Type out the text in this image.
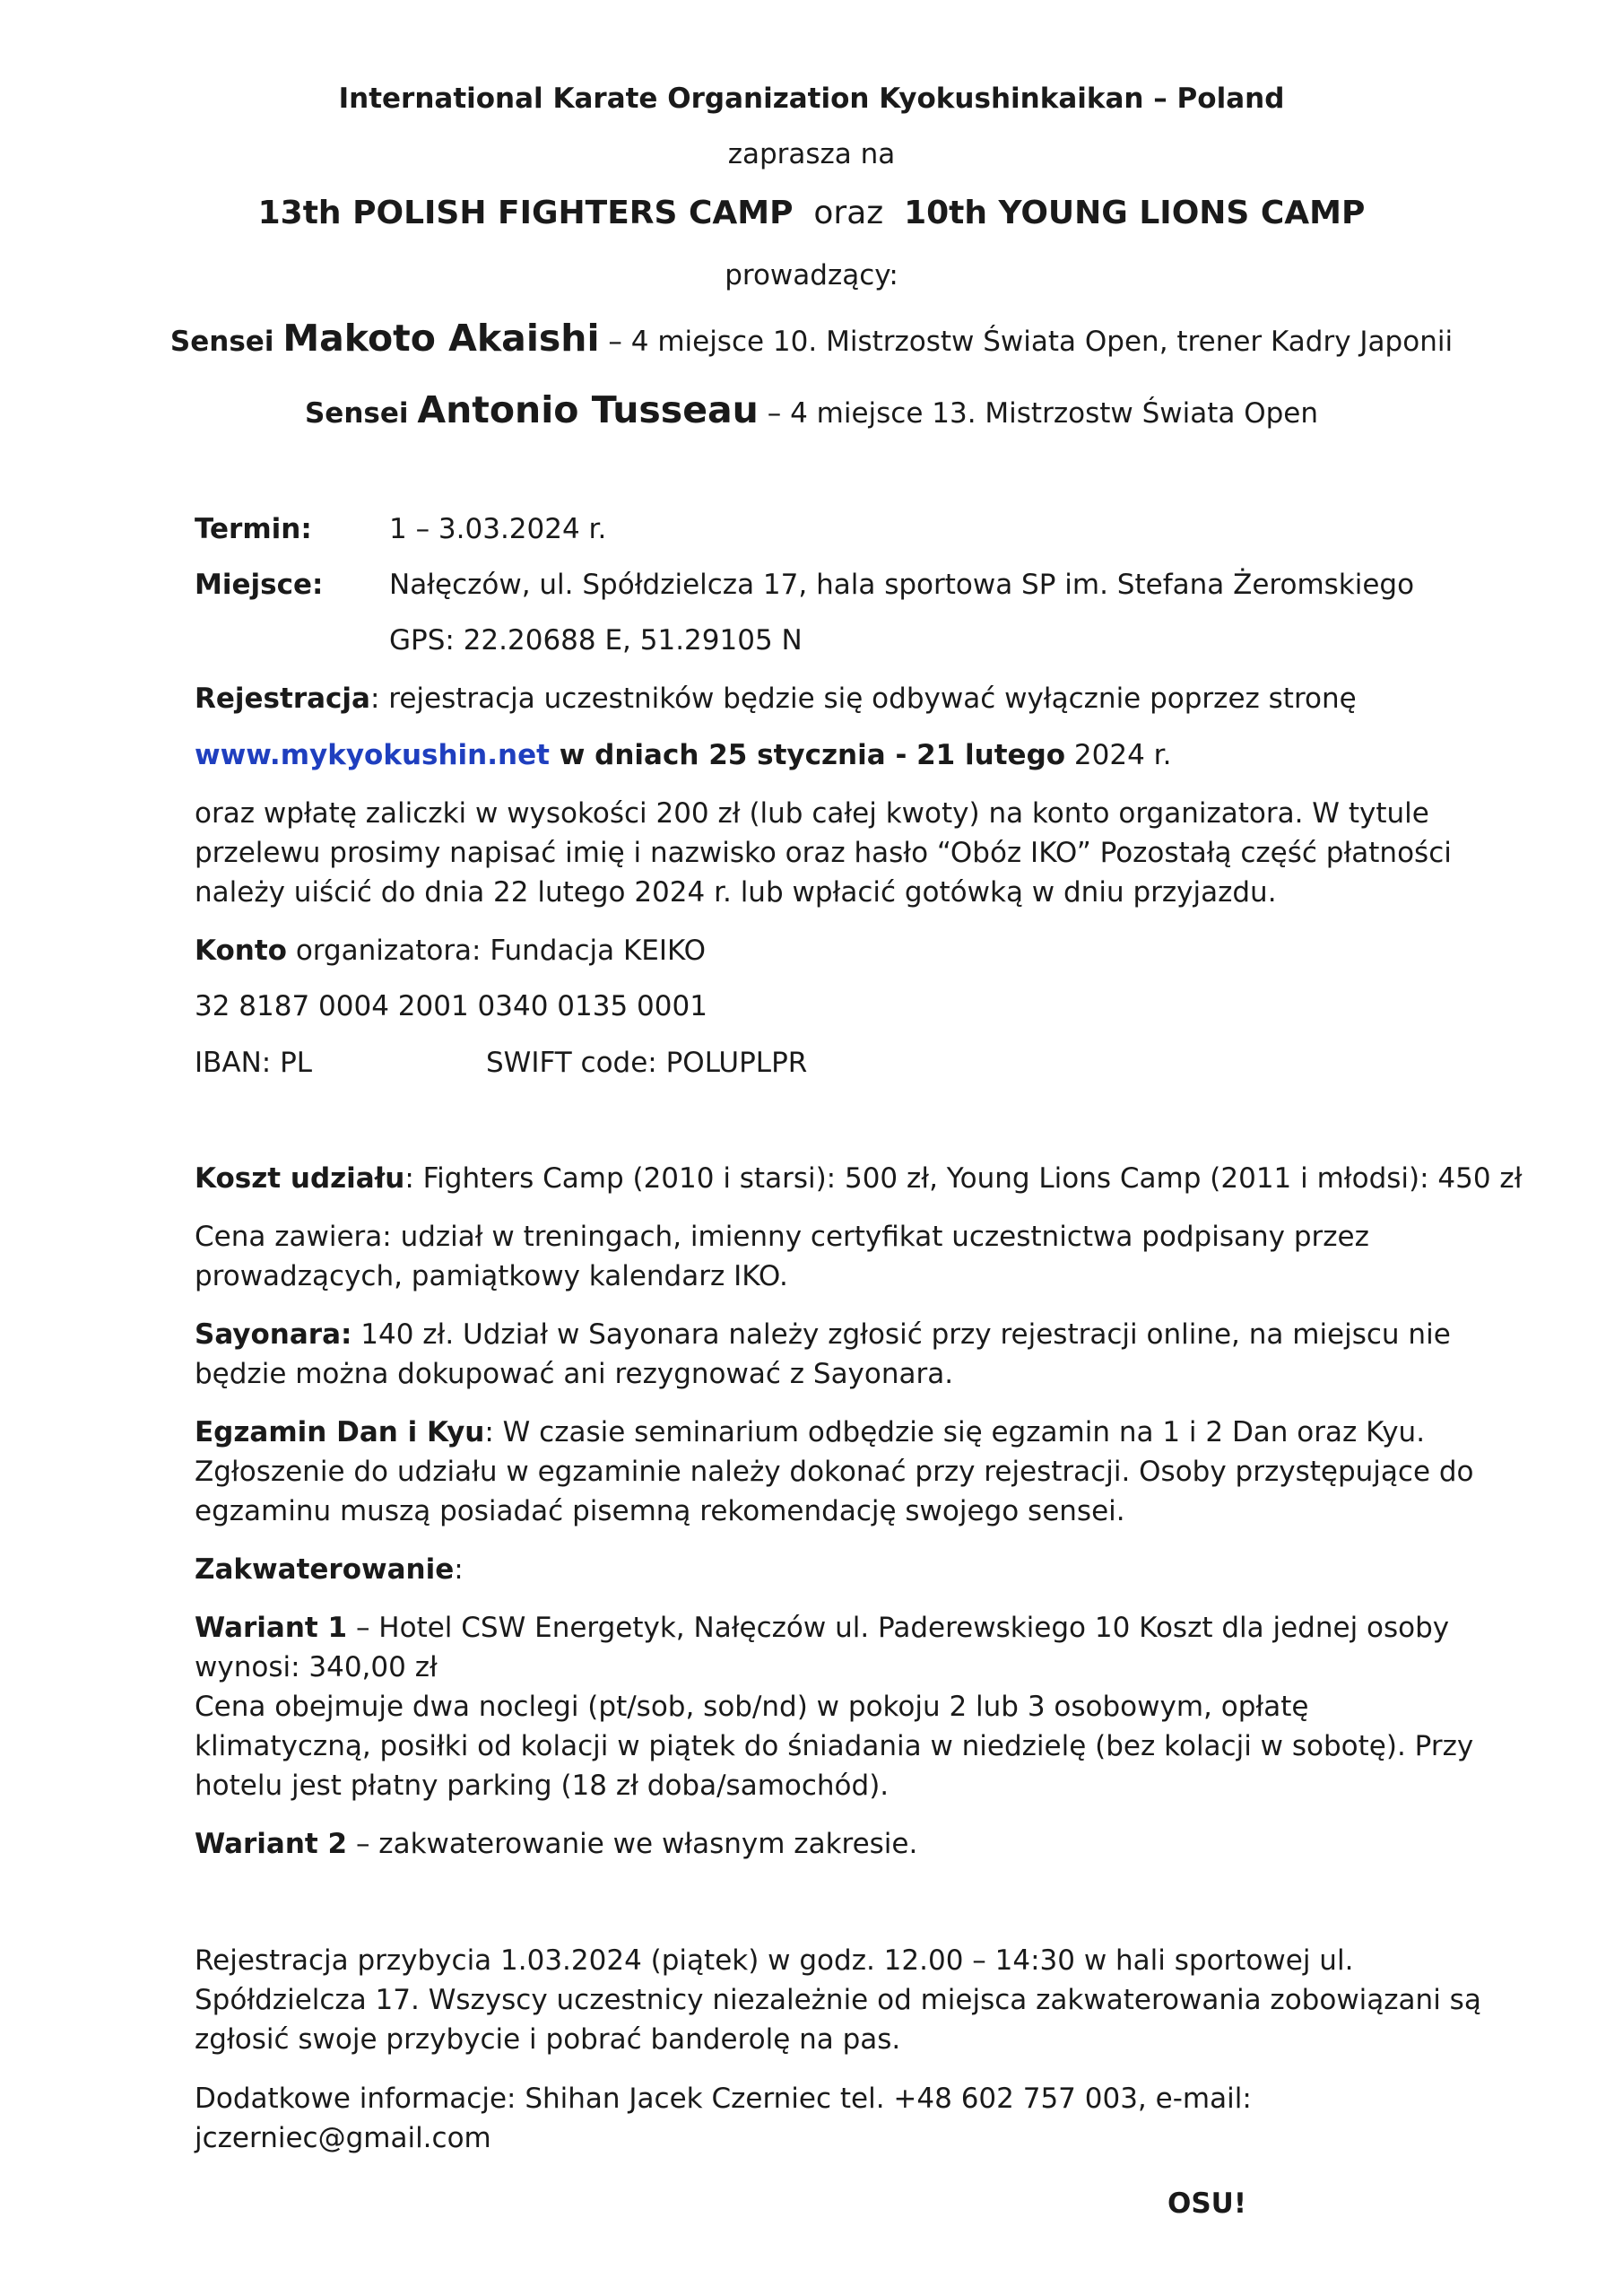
International Karate Organization Kyokushinkaikan – Poland
zaprasza na
13th POLISH FIGHTERS CAMP oraz 10th YOUNG LIONS CAMP
prowadzący:
Sensei Makoto Akaishi – 4 miejsce 10. Mistrzostw Świata Open, trener Kadry Japonii
Sensei Antonio Tusseau – 4 miejsce 13. Mistrzostw Świata Open
Termin:	1 – 3.03.2024 r.
Miejsce: Nałęczów, ul. Spółdzielcza 17, hala sportowa SP im. Stefana Żeromskiego
GPS: 22.20688 E, 51.29105 N
Rejestracja: rejestracja uczestników będzie się odbywać wyłącznie poprzez stronę
www.mykyokushin.net w dniach 25 stycznia - 21 lutego 2024 r.
oraz wpłatę zaliczki w wysokości 200 zł (lub całej kwoty) na konto organizatora. W tytule
przelewu prosimy napisać imię i nazwisko oraz hasło “Obóz IKO” Pozostałą część płatności
należy uiścić do dnia 22 lutego 2024 r. lub wpłacić gotówką w dniu przyjazdu.
Konto organizatora: Fundacja KEIKO
32 8187 0004 2001 0340 0135 0001
IBAN: PL	SWIFT code: POLUPLPR
Koszt udziału: Fighters Camp (2010 i starsi): 500 zł, Young Lions Camp (2011 i młodsi): 450 zł
Cena zawiera: udział w treningach, imienny certyfikat uczestnictwa podpisany przez
prowadzących, pamiątkowy kalendarz IKO.
Sayonara: 140 zł. Udział w Sayonara należy zgłosić przy rejestracji online, na miejscu nie
będzie można dokupować ani rezygnować z Sayonara.
Egzamin Dan i Kyu: W czasie seminarium odbędzie się egzamin na 1 i 2 Dan oraz Kyu.
Zgłoszenie do udziału w egzaminie należy dokonać przy rejestracji. Osoby przystępujące do
egzaminu muszą posiadać pisemną rekomendację swojego sensei.
Zakwaterowanie:
Wariant 1 – Hotel CSW Energetyk, Nałęczów ul. Paderewskiego 10 Koszt dla jednej osoby
wynosi: 340,00 zł
Cena obejmuje dwa noclegi (pt/sob, sob/nd) w pokoju 2 lub 3 osobowym, opłatę
klimatyczną, posiłki od kolacji w piątek do śniadania w niedzielę (bez kolacji w sobotę). Przy
hotelu jest płatny parking (18 zł doba/samochód).
Wariant 2 – zakwaterowanie we własnym zakresie.
Rejestracja przybycia 1.03.2024 (piątek) w godz. 12.00 – 14:30 w hali sportowej ul.
Spółdzielcza 17. Wszyscy uczestnicy niezależnie od miejsca zakwaterowania zobowiązani są
zgłosić swoje przybycie i pobrać banderolę na pas.
Dodatkowe informacje: Shihan Jacek Czerniec tel. +48 602 757 003, e-mail:
jczerniec@gmail.com
OSU!
